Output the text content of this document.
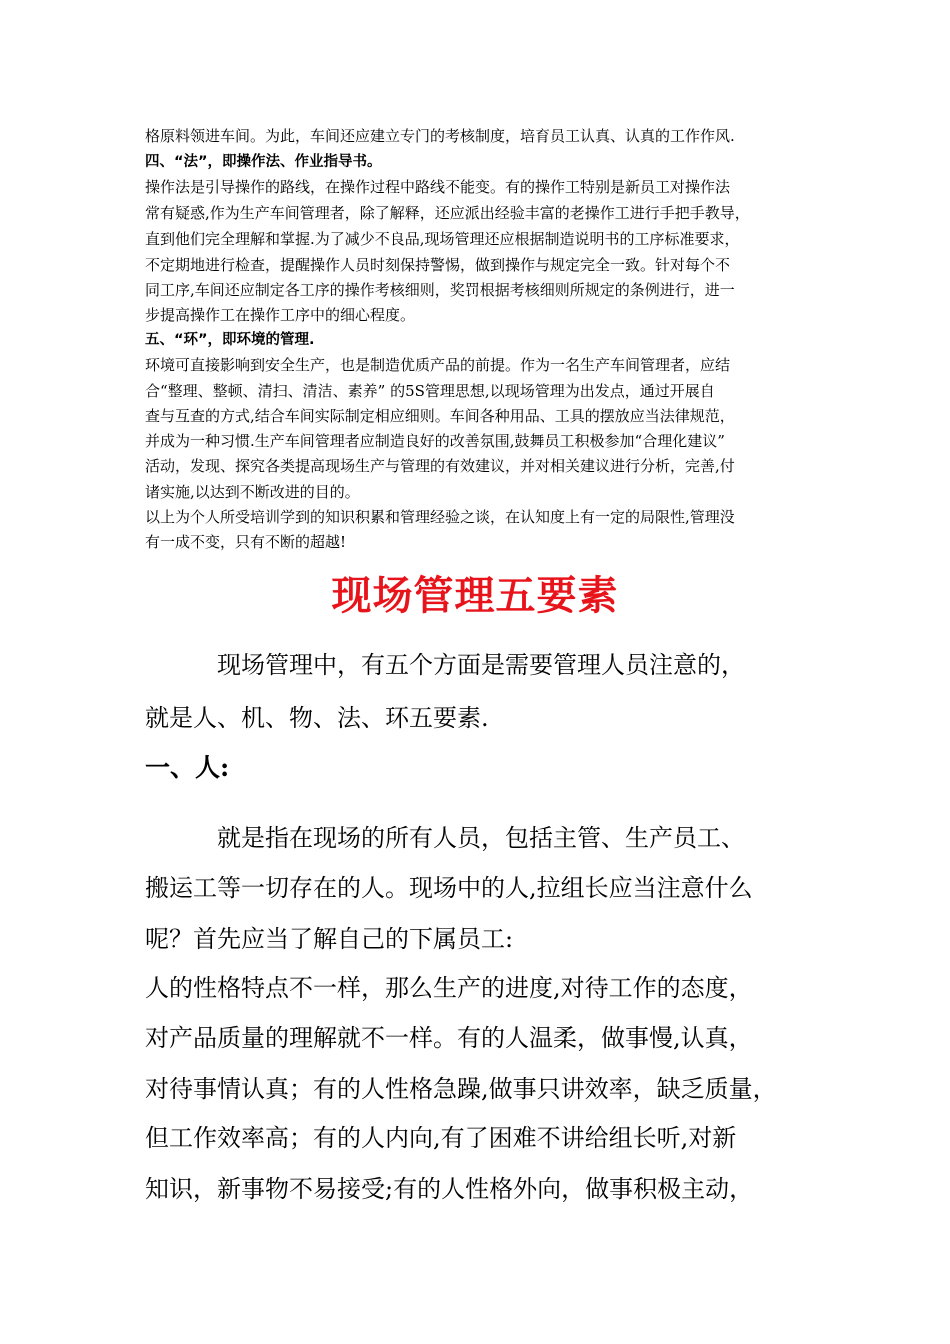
格原料领进车间。为此，车间还应建立专门的考核制度，培育员工认真、认真的工作作风.
四、“法”，即操作法、作业指导书。
操作法是引导操作的路线，在操作过程中路线不能变。有的操作工特别是新员工对操作法
常有疑惑,作为生产车间管理者，除了解释，还应派出经验丰富的老操作工进行手把手教导，
直到他们完全理解和掌握.为了减少不良品,现场管理还应根据制造说明书的工序标准要求，
不定期地进行检查，提醒操作人员时刻保持警惕，做到操作与规定完全一致。针对每个不
同工序,车间还应制定各工序的操作考核细则，奖罚根据考核细则所规定的条例进行，进一
步提高操作工在操作工序中的细心程度。
五、“环”，即环境的管理.
环境可直接影响到安全生产，也是制造优质产品的前提。作为一名生产车间管理者，应结
合“整理、整顿、清扫、清洁、素养” 的5S管理思想,以现场管理为出发点，通过开展自
查与互查的方式,结合车间实际制定相应细则。车间各种用品、工具的摆放应当法律规范，
并成为一种习惯.生产车间管理者应制造良好的改善氛围,鼓舞员工积极参加“合理化建议”
活动，发现、探究各类提高现场生产与管理的有效建议，并对相关建议进行分析，完善,付
诸实施,以达到不断改进的目的。
以上为个人所受培训学到的知识积累和管理经验之谈，在认知度上有一定的局限性,管理没
有一成不变，只有不断的超越!
现场管理五要素
　　　现场管理中，有五个方面是需要管理人员注意的，
就是人、机、物、法、环五要素.
一、人:
　　　就是指在现场的所有人员，包括主管、生产员工、
搬运工等一切存在的人。现场中的人,拉组长应当注意什么
呢？首先应当了解自己的下属员工:
人的性格特点不一样，那么生产的进度,对待工作的态度，
对产品质量的理解就不一样。有的人温柔，做事慢,认真，
对待事情认真；有的人性格急躁,做事只讲效率，缺乏质量，
但工作效率高；有的人内向,有了困难不讲给组长听,对新
知识，新事物不易接受;有的人性格外向，做事积极主动，
